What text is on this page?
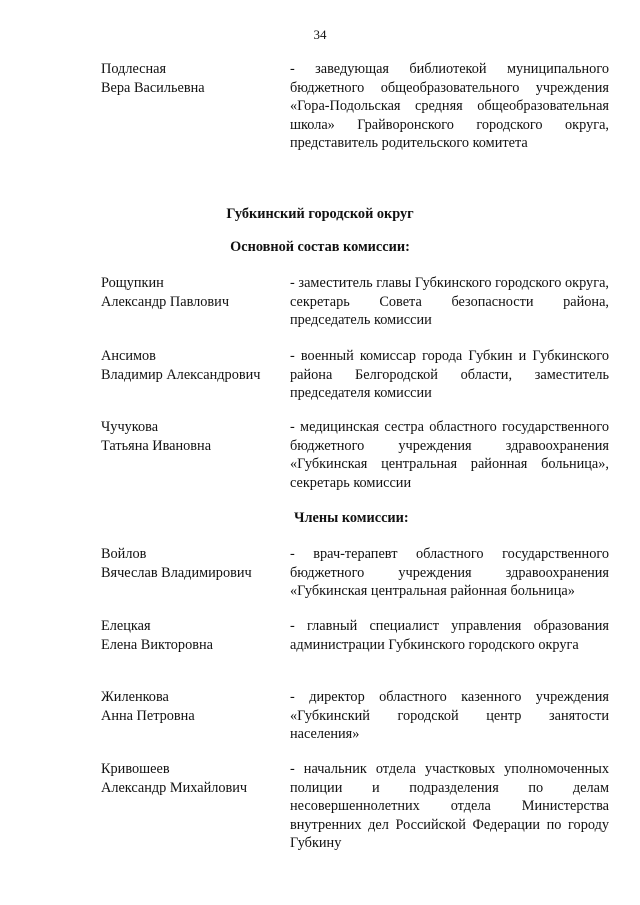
34
Подлесная
Вера Васильевна
- заведующая библиотекой муниципального бюджетного общеобразовательного учреждения «Гора-Подольская средняя общеобразовательная школа» Грайворонского городского округа, представитель родительского комитета
Губкинский городской округ
Основной состав комиссии:
Рощупкин
Александр Павлович
- заместитель главы Губкинского городского округа, секретарь Совета безопасности района, председатель комиссии
Ансимов
Владимир Александрович
- военный комиссар города Губкин и Губкинского района Белгородской области, заместитель председателя комиссии
Чучукова
Татьяна Ивановна
- медицинская сестра областного государственного бюджетного учреждения здравоохранения «Губкинская центральная районная больница», секретарь комиссии
Члены комиссии:
Войлов
Вячеслав Владимирович
- врач-терапевт областного государственного бюджетного учреждения здравоохранения «Губкинская центральная районная больница»
Елецкая
Елена Викторовна
- главный специалист управления образования администрации Губкинского городского округа
Жиленкова
Анна Петровна
- директор областного казенного учреждения «Губкинский городской центр занятости населения»
Кривошеев
Александр Михайлович
- начальник отдела участковых уполномоченных полиции и подразделения по делам несовершеннолетних отдела Министерства внутренних дел Российской Федерации по городу Губкину
